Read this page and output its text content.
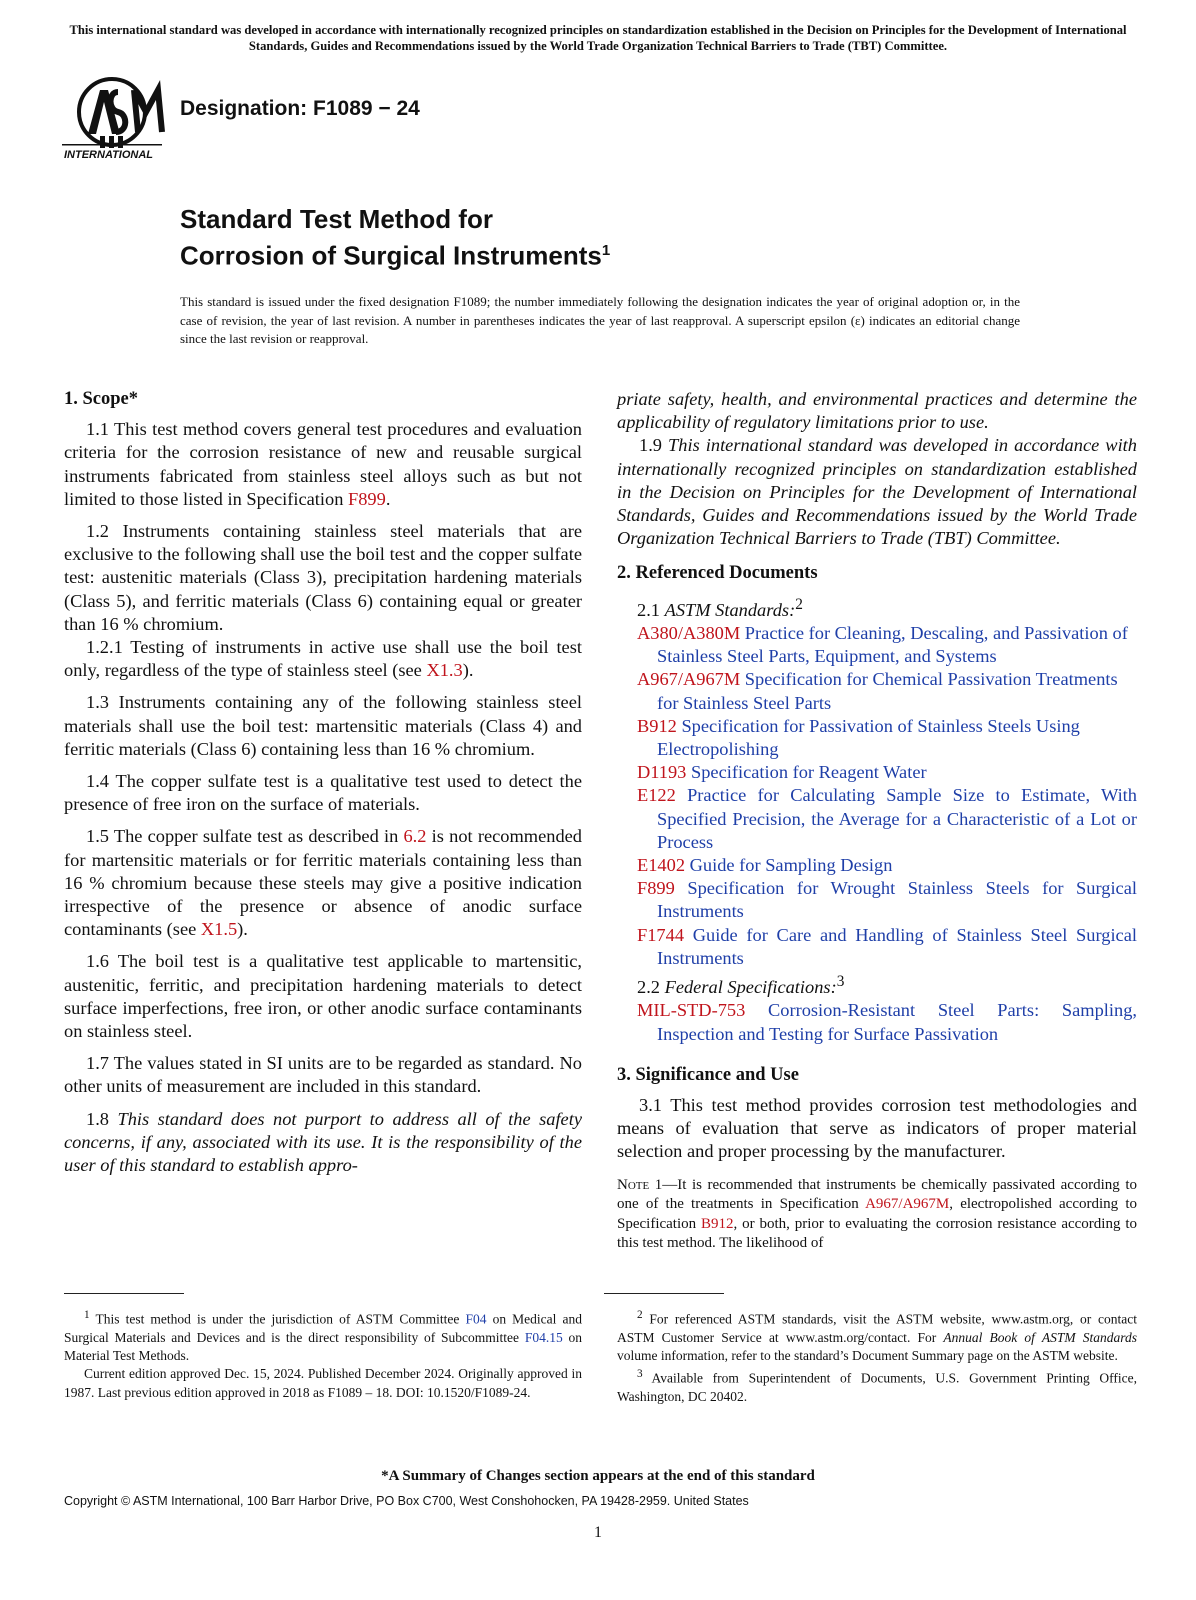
This international standard was developed in accordance with internationally recognized principles on standardization established in the Decision on Principles for the Development of International Standards, Guides and Recommendations issued by the World Trade Organization Technical Barriers to Trade (TBT) Committee.
INTERNATIONAL
Designation: F1089 − 24
Standard Test Method for
Corrosion of Surgical Instruments$^1$
This standard is issued under the fixed designation F1089; the number immediately following the designation indicates the year of original adoption or, in the case of revision, the year of last revision. A number in parentheses indicates the year of last reapproval. A superscript epsilon (ε) indicates an editorial change since the last revision or reapproval.
1. Scope*

1.1 This test method covers general test procedures and evaluation criteria for the corrosion resistance of new and reusable surgical instruments fabricated from stainless steel alloys such as but not limited to those listed in Specification F899.

1.2 Instruments containing stainless steel materials that are exclusive to the following shall use the boil test and the copper sulfate test: austenitic materials (Class 3), precipitation hardening materials (Class 5), and ferritic materials (Class 6) containing equal or greater than 16 % chromium.

1.2.1 Testing of instruments in active use shall use the boil test only, regardless of the type of stainless steel (see X1.3).

1.3 Instruments containing any of the following stainless steel materials shall use the boil test: martensitic materials (Class 4) and ferritic materials (Class 6) containing less than 16 % chromium.

1.4 The copper sulfate test is a qualitative test used to detect the presence of free iron on the surface of materials.

1.5 The copper sulfate test as described in 6.2 is not recommended for martensitic materials or for ferritic materials containing less than 16 % chromium because these steels may give a positive indication irrespective of the presence or absence of anodic surface contaminants (see X1.5).

1.6 The boil test is a qualitative test applicable to martensitic, austenitic, ferritic, and precipitation hardening materials to detect surface imperfections, free iron, or other anodic surface contaminants on stainless steel.

1.7 The values stated in SI units are to be regarded as standard. No other units of measurement are included in this standard.

1.8 This standard does not purport to address all of the safety concerns, if any, associated with its use. It is the responsibility of the user of this standard to establish appro-

priate safety, health, and environmental practices and determine the applicability of regulatory limitations prior to use.

1.9 This international standard was developed in accordance with internationally recognized principles on standardization established in the Decision on Principles for the Development of International Standards, Guides and Recommendations issued by the World Trade Organization Technical Barriers to Trade (TBT) Committee.

2. Referenced Documents
2.1 ASTM Standards:$^2$
A380/A380M Practice for Cleaning, Descaling, and Passivation of Stainless Steel Parts, Equipment, and Systems
A967/A967M Specification for Chemical Passivation Treatments for Stainless Steel Parts
B912 Specification for Passivation of Stainless Steels Using Electropolishing
D1193 Specification for Reagent Water
E122 Practice for Calculating Sample Size to Estimate, With Specified Precision, the Average for a Characteristic of a Lot or Process
E1402 Guide for Sampling Design
F899 Specification for Wrought Stainless Steels for Surgical Instruments
F1744 Guide for Care and Handling of Stainless Steel Surgical Instruments
2.2 Federal Specifications:$^3$
MIL-STD-753 Corrosion-Resistant Steel Parts: Sampling, Inspection and Testing for Surface Passivation
3. Significance and Use

3.1 This test method provides corrosion test methodologies and means of evaluation that serve as indicators of proper material selection and proper processing by the manufacturer.

Note 1—It is recommended that instruments be chemically passivated according to one of the treatments in Specification A967/A967M, electropolished according to Specification B912, or both, prior to evaluating the corrosion resistance according to this test method. The likelihood of

$^1$ This test method is under the jurisdiction of ASTM Committee F04 on Medical and Surgical Materials and Devices and is the direct responsibility of Subcommittee F04.15 on Material Test Methods.

Current edition approved Dec. 15, 2024. Published December 2024. Originally approved in 1987. Last previous edition approved in 2018 as F1089 – 18. DOI: 10.1520/F1089-24.

$^2$ For referenced ASTM standards, visit the ASTM website, www.astm.org, or contact ASTM Customer Service at www.astm.org/contact. For Annual Book of ASTM Standards volume information, refer to the standard’s Document Summary page on the ASTM website.

$^3$ Available from Superintendent of Documents, U.S. Government Printing Office, Washington, DC 20402.

*A Summary of Changes section appears at the end of this standard
Copyright © ASTM International, 100 Barr Harbor Drive, PO Box C700, West Conshohocken, PA 19428-2959. United States
1
